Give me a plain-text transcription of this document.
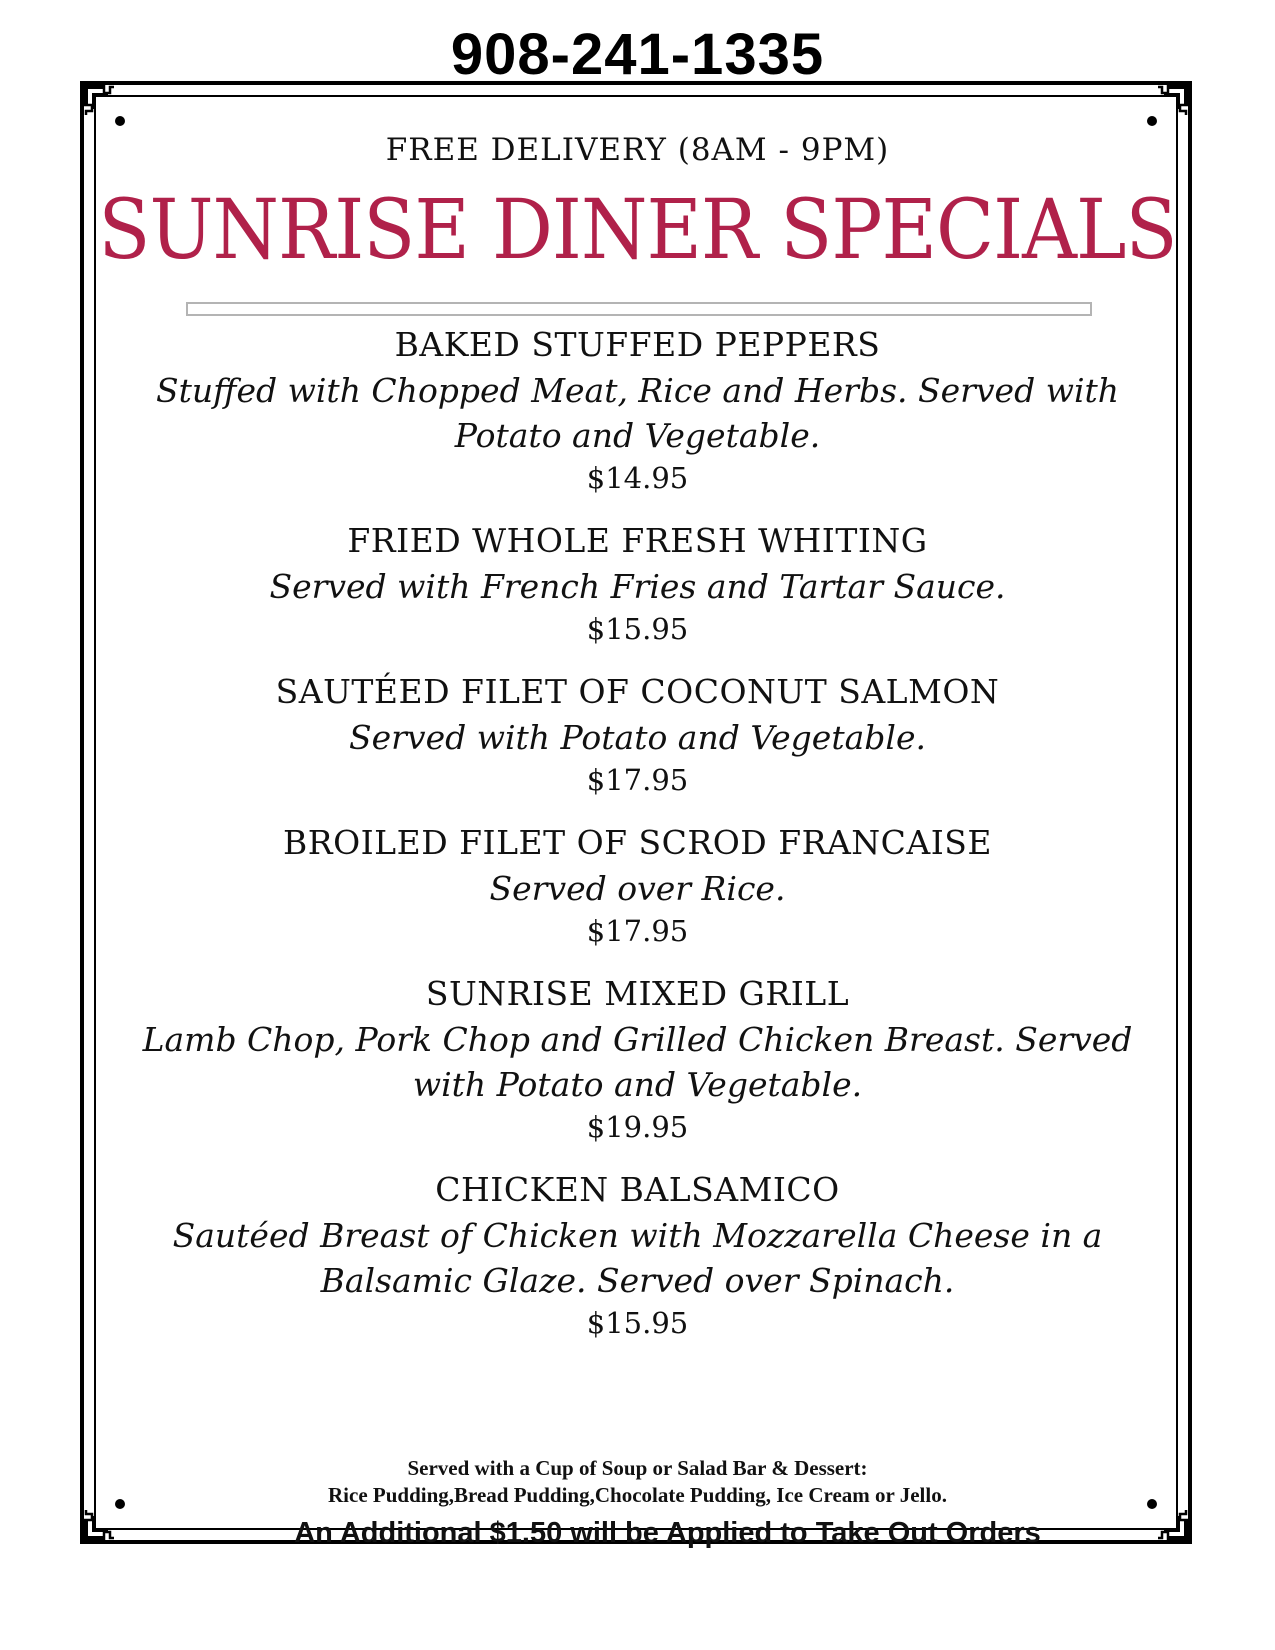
908-241-1335
FREE DELIVERY (8AM - 9PM)
SUNRISE DINER SPECIALS
BAKED STUFFED PEPPERS
Stuffed with Chopped Meat, Rice and Herbs. Served with Potato and Vegetable.
$14.95
FRIED WHOLE FRESH WHITING
Served with French Fries and Tartar Sauce.
$15.95
SAUTÉED FILET OF COCONUT SALMON
Served with Potato and Vegetable.
$17.95
BROILED FILET OF SCROD FRANCAISE
Served over Rice.
$17.95
SUNRISE MIXED GRILL
Lamb Chop, Pork Chop and Grilled Chicken Breast. Served with Potato and Vegetable.
$19.95
CHICKEN BALSAMICO
Sautéed Breast of Chicken with Mozzarella Cheese in a Balsamic Glaze. Served over Spinach.
$15.95
Served with a Cup of Soup or Salad Bar & Dessert:
Rice Pudding,Bread Pudding,Chocolate Pudding, Ice Cream or Jello.
An Additional $1.50 will be Applied to Take Out Orders
